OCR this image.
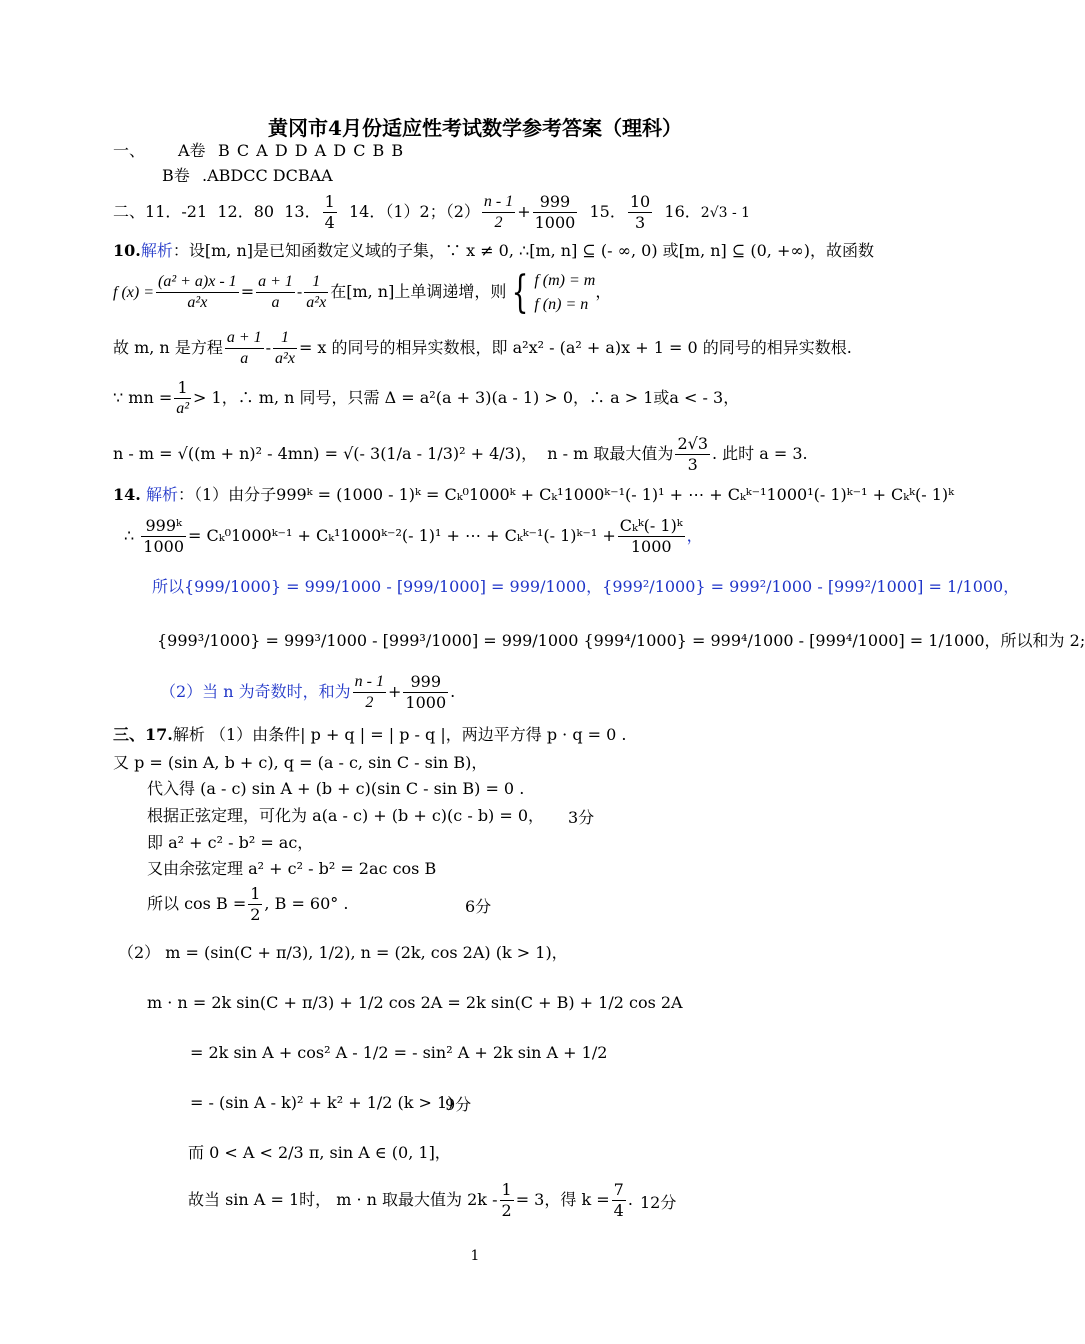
黄冈市4月份适应性考试数学参考答案（理科）
一、 A卷 B C A D D A D C B B
B卷 .ABDCC DCBAA
二、11．-21 12．80 13． $\frac{1}{4} 14$．（1）2；$(2) \frac{n - 1}{2} + \frac{999}{1000} 15$． $\frac{10}{3} 16$．2√3 - 1
10.解析：设[m, n]是已知函数定义域的子集，∵ x ≠ 0, ∴[m, n] ⊆ (- ∞, 0) 或[m, n] ⊆ (0, +∞)，故函数
f $(x) = \frac{\text{(a² + a)x - 1}}{\text{a²x}} = \frac{a + 1}{a} - \frac{1}{\text{a²x}}$ 在[m, n]上单调递增，则 { f (m) = m
f (n) = n
，
故 m, n 是方程 $\frac{a + 1}{a} - \frac{1}{\text{a²x}} = x$ 的同号的相异实数根，即 a²x² - (a² + a)x + 1 = 0 的同号的相异实数根.
∵ mn = $\frac{1}{\text{a²}} > 1$，∴ m, n 同号，只需 Δ = a²(a + 3)(a - 1) > 0，∴ a > 1或a < - 3，
n - m = √((m + n)² - 4mn) = √(- 3(1/a - 1/3)² + 4/3)， n - m 取最大值为 $\frac{2√3}{3}$ . 此时 a = 3.
14. 解析：（1）由分子999ᵏ = (1000 - 1)ᵏ = Cₖ⁰1000ᵏ + Cₖ¹1000ᵏ⁻¹(- 1)¹ + ⋯ + Cₖᵏ⁻¹1000¹(- 1)ᵏ⁻¹ + Cₖᵏ(- 1)ᵏ
∴ $\frac{\text{999ᵏ}}{1000}$ = Cₖ⁰1000ᵏ⁻¹ + Cₖ¹1000ᵏ⁻²(- 1)¹ + ⋯ + Cₖᵏ⁻¹(- 1)ᵏ⁻¹ + $\frac{\text{Cₖᵏ(- 1)ᵏ}}{1000}$ ，
所以{999/1000} = 999/1000 - [999/1000] = 999/1000，{999²/1000} = 999²/1000 - [999²/1000] = 1/1000，
{999³/1000} = 999³/1000 - [999³/1000] = 999/1000 {999⁴/1000} = 999⁴/1000 - [999⁴/1000] = 1/1000，所以和为 2;
（2）当 n 为奇数时，和为 $\frac{n - 1}{2} + \frac{999}{1000}$ .
三、17.解析 （1）由条件| p + q | = | p - q |，两边平方得 p · q = 0 .
又 p = (sin A, b + c), q = (a - c, sin C - sin B)，
代入得 (a - c) sin A + (b + c)(sin C - sin B) = 0 .
根据正弦定理，可化为 a(a - c) + (b + c)(c - b) = 0， 3分
即 a² + c² - b² = ac，
又由余弦定理 a² + c² - b² = 2ac cos B
所以 $\cos B = \frac{1}{2}$ , B = 60° .	6分
（2） m = (sin(C + π/3), 1/2), n = (2k, cos 2A) (k > 1)，
m · n = 2k sin(C + π/3) + 1/2 cos 2A = 2k sin(C + B) + 1/2 cos 2A
= 2k sin A + cos² A - 1/2 = - sin² A + 2k sin A + 1/2
= - (sin A - k)² + k² + 1/2 (k > 1)
9分
而 0 < A < 2/3 π, sin A ∈ (0, 1]，
故当 sin A = 1时， m · n 取最大值为 $2k - \frac{1}{2} = 3$，得 $k = \frac{7}{4}$ . 12分
1
